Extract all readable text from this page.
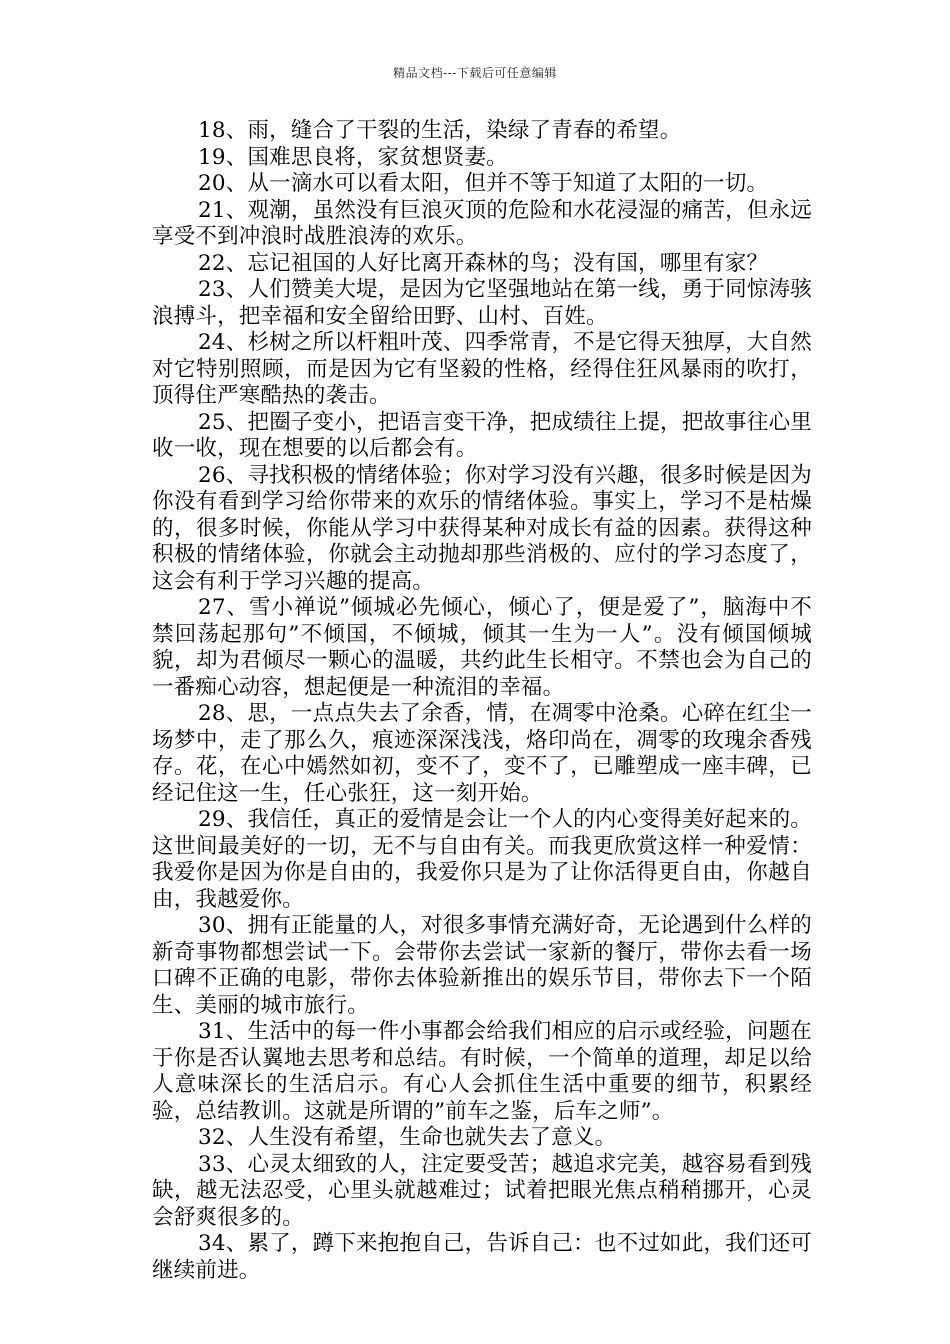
精品文档---下载后可任意编辑

18、雨，缝合了干裂的生活，染绿了青春的希望。

19、国难思良将，家贫想贤妻。

20、从一滴水可以看太阳，但并不等于知道了太阳的一切。

21、观潮，虽然没有巨浪灭顶的危险和水花浸湿的痛苦，但永远享受不到冲浪时战胜浪涛的欢乐。

22、忘记祖国的人好比离开森林的鸟；没有国，哪里有家？

23、人们赞美大堤，是因为它坚强地站在第一线，勇于同惊涛骇浪搏斗，把幸福和安全留给田野、山村、百姓。

24、杉树之所以杆粗叶茂、四季常青，不是它得天独厚，大自然对它特别照顾，而是因为它有坚毅的性格，经得住狂风暴雨的吹打，顶得住严寒酷热的袭击。

25、把圈子变小，把语言变干净，把成绩往上提，把故事往心里收一收，现在想要的以后都会有。

26、寻找积极的情绪体验；你对学习没有兴趣，很多时候是因为你没有看到学习给你带来的欢乐的情绪体验。事实上，学习不是枯燥的，很多时候，你能从学习中获得某种对成长有益的因素。获得这种积极的情绪体验，你就会主动抛却那些消极的、应付的学习态度了，这会有利于学习兴趣的提高。

27、雪小禅说”倾城必先倾心，倾心了，便是爱了”，脑海中不禁回荡起那句”不倾国，不倾城，倾其一生为一人”。没有倾国倾城貌，却为君倾尽一颗心的温暖，共约此生长相守。不禁也会为自己的一番痴心动容，想起便是一种流泪的幸福。

28、思，一点点失去了余香，情，在凋零中沧桑。心碎在红尘一场梦中，走了那么久，痕迹深深浅浅，烙印尚在，凋零的玫瑰余香残存。花，在心中嫣然如初，变不了，变不了，已雕塑成一座丰碑，已经记住这一生，任心张狂，这一刻开始。

29、我信任，真正的爱情是会让一个人的内心变得美好起来的。这世间最美好的一切，无不与自由有关。而我更欣赏这样一种爱情：我爱你是因为你是自由的，我爱你只是为了让你活得更自由，你越自由，我越爱你。

30、拥有正能量的人，对很多事情充满好奇，无论遇到什么样的新奇事物都想尝试一下。会带你去尝试一家新的餐厅，带你去看一场口碑不正确的电影，带你去体验新推出的娱乐节目，带你去下一个陌生、美丽的城市旅行。

31、生活中的每一件小事都会给我们相应的启示或经验，问题在于你是否认翼地去思考和总结。有时候，一个简单的道理，却足以给人意味深长的生活启示。有心人会抓住生活中重要的细节，积累经验，总结教训。这就是所谓的”前车之鉴，后车之师”。

32、人生没有希望，生命也就失去了意义。

33、心灵太细致的人，注定要受苦；越追求完美，越容易看到残缺，越无法忍受，心里头就越难过；试着把眼光焦点稍稍挪开，心灵会舒爽很多的。

34、累了，蹲下来抱抱自己，告诉自己：也不过如此，我们还可继续前进。
